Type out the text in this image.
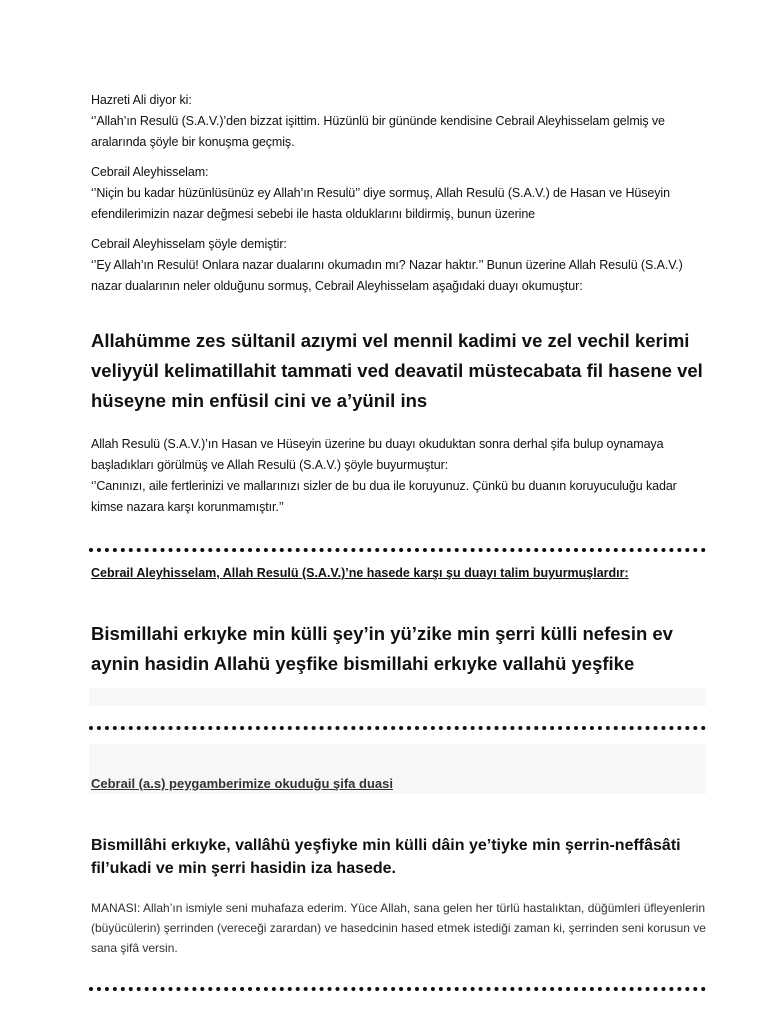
Hazreti Ali diyor ki:

‘’Allah’ın Resulü (S.A.V.)’den bizzat işittim. Hüzünlü bir gününde kendisine Cebrail Aleyhisselam gelmiş ve aralarında şöyle bir konuşma geçmiş.

Cebrail Aleyhisselam:

‘’Niçin bu kadar hüzünlüsünüz ey Allah’ın Resulü’’ diye sormuş, Allah Resulü (S.A.V.) de Hasan ve Hüseyin efendilerimizin nazar değmesi sebebi ile hasta olduklarını bildirmiş, bunun üzerine

Cebrail Aleyhisselam şöyle demiştir:

‘’Ey Allah’ın Resulü! Onlara nazar dualarını okumadın mı? Nazar haktır.’’ Bunun üzerine Allah Resulü (S.A.V.) nazar dualarının neler olduğunu sormuş, Cebrail Aleyhisselam aşağıdaki duayı okumuştur:

Allahümme zes sültanil azıymi vel mennil kadimi ve zel vechil kerimi veliyyül kelimatillahit tammati ved deavatil müstecabata fil hasene vel hüseyne min enfüsil cini ve a’yünil ins

Allah Resulü (S.A.V.)’ın Hasan ve Hüseyin üzerine bu duayı okuduktan sonra derhal şifa bulup oynamaya başladıkları görülmüş ve Allah Resulü (S.A.V.) şöyle buyurmuştur:

‘’Canınızı, aile fertlerinizi ve mallarınızı sizler de bu dua ile koruyunuz. Çünkü bu duanın koruyuculuğu kadar kimse nazara karşı korunmamıştır.’’

Cebrail Aleyhisselam, Allah Resulü (S.A.V.)’ne hasede karşı şu duayı talim buyurmuşlardır:

Bismillahi erkıyke min külli şey’in yü’zike min şerri külli nefesin ev aynin hasidin Allahü yeşfike bismillahi erkıyke vallahü yeşfike

Cebrail (a.s) peygamberimize okuduğu şifa duasi

Bismillâhi erkıyke, vallâhü yeşfiyke min külli dâin ye’tiyke min şerrin-neffâsâti fil’ukadi ve min şerri hasidin iza hasede.

MANASI: Allah’ın ismiyle seni muhafaza ederim. Yüce Allah, sana gelen her türlü hastalıktan, düğümleri üfleyenlerin (büyücülerin) şerrinden (vereceği zarardan) ve hasedcinin hased etmek istediği zaman ki, şerrinden seni korusun ve sana şifâ versin.
